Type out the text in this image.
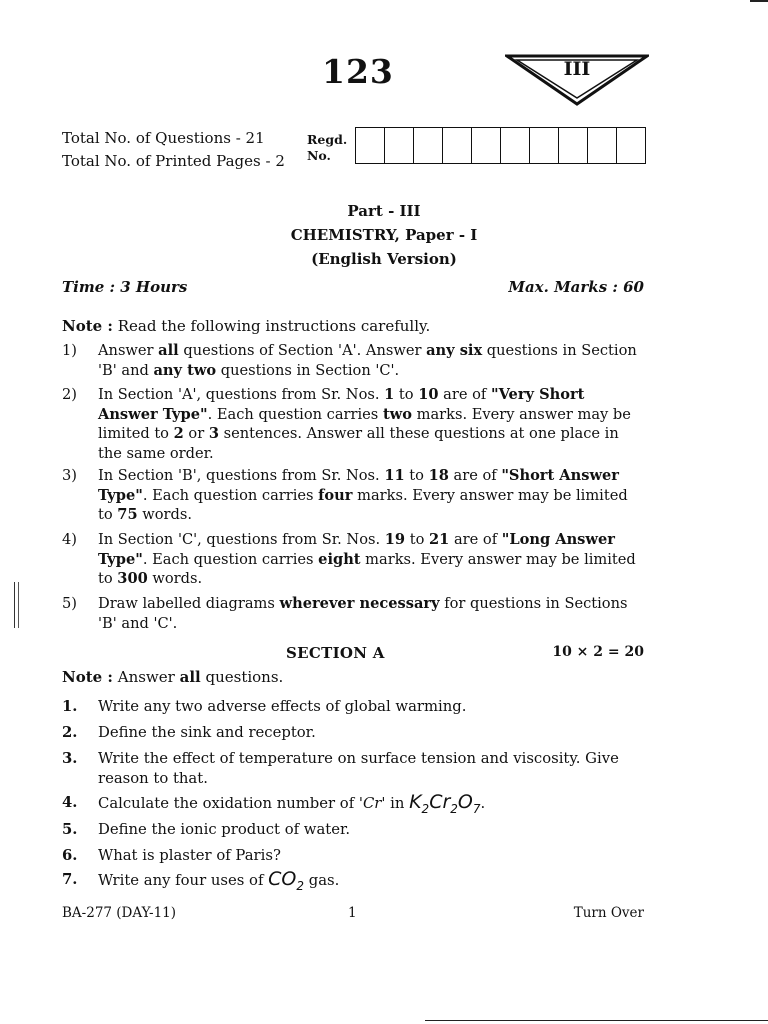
123	III
Total No. of Questions - 21
Total No. of Printed Pages - 2
Regd.
No.
Part - III
CHEMISTRY, Paper - I
(English Version)
Time : 3 Hours	Max. Marks : 60
Note : Read the following instructions carefully.
1)	Answer all questions of Section 'A'. Answer any six questions in Section 'B' and any two questions in Section 'C'.
2)	In Section 'A', questions from Sr. Nos. 1 to 10 are of "Very Short Answer Type". Each question carries two marks. Every answer may be limited to 2 or 3 sentences. Answer all these questions at one place in the same order.
3)	In Section 'B', questions from Sr. Nos. 11 to 18 are of "Short Answer Type". Each question carries four marks. Every answer may be limited to 75 words.
4)	In Section 'C', questions from Sr. Nos. 19 to 21 are of "Long Answer Type". Each question carries eight marks. Every answer may be limited to 300 words.
5)	Draw labelled diagrams wherever necessary for questions in Sections 'B' and 'C'.
SECTION A	10 × 2 = 20
Note : Answer all questions.
1.	Write any two adverse effects of global warming.
2.	Define the sink and receptor.
3.	Write the effect of temperature on surface tension and viscosity. Give reason to that.
4.	Calculate the oxidation number of 'Cr' in $K_2Cr_2O_7$.
5.	Define the ionic product of water.
6.	What is plaster of Paris?
7.	Write any four uses of $CO_2$ gas.
BA-277 (DAY-11)	1	Turn Over
